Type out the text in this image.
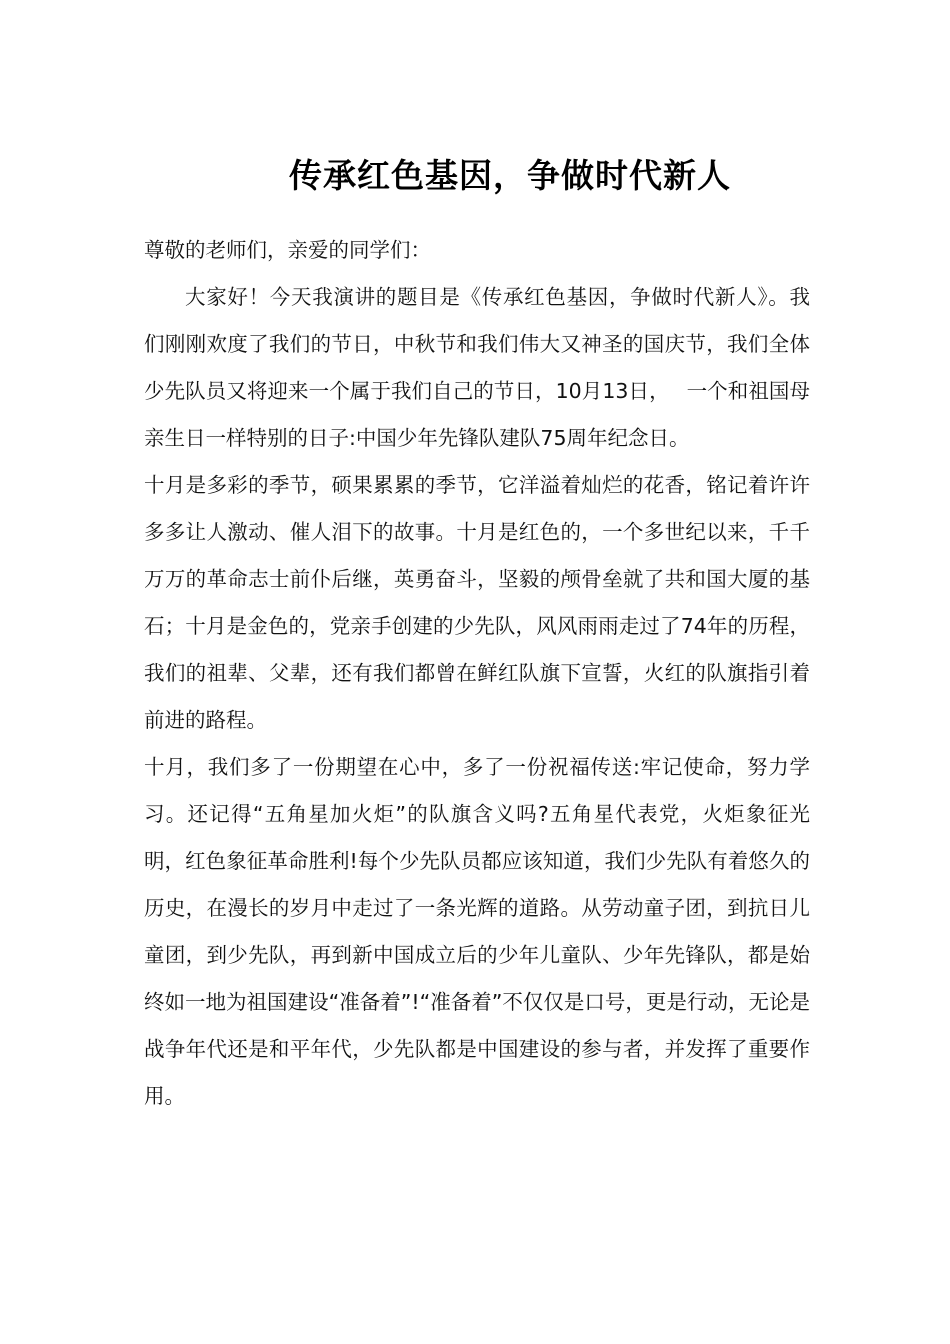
传承红色基因，争做时代新人

尊敬的老师们，亲爱的同学们：

大家好！今天我演讲的题目是《传承红色基因，争做时代新人》。我们刚刚欢度了我们的节日，中秋节和我们伟大又神圣的国庆节，我们全体少先队员又将迎来一个属于我们自己的节日，10月13日，　 一个和祖国母亲生日一样特别的日子:中国少年先锋队建队75周年纪念日。

十月是多彩的季节，硕果累累的季节，它洋溢着灿烂的花香，铭记着许许多多让人激动、催人泪下的故事。十月是红色的，一个多世纪以来，千千万万的革命志士前仆后继，英勇奋斗，坚毅的颅骨垒就了共和国大厦的基石；十月是金色的，党亲手创建的少先队，风风雨雨走过了74年的历程，我们的祖辈、父辈，还有我们都曾在鲜红队旗下宣誓，火红的队旗指引着前进的路程。

十月，我们多了一份期望在心中，多了一份祝福传送:牢记使命，努力学习。还记得“五角星加火炬”的队旗含义吗?五角星代表党，火炬象征光明，红色象征革命胜利!每个少先队员都应该知道，我们少先队有着悠久的历史，在漫长的岁月中走过了一条光辉的道路。从劳动童子团，到抗日儿童团，到少先队，再到新中国成立后的少年儿童队、少年先锋队，都是始终如一地为祖国建设“准备着”!“准备着”不仅仅是口号，更是行动，无论是战争年代还是和平年代，少先队都是中国建设的参与者，并发挥了重要作用。
